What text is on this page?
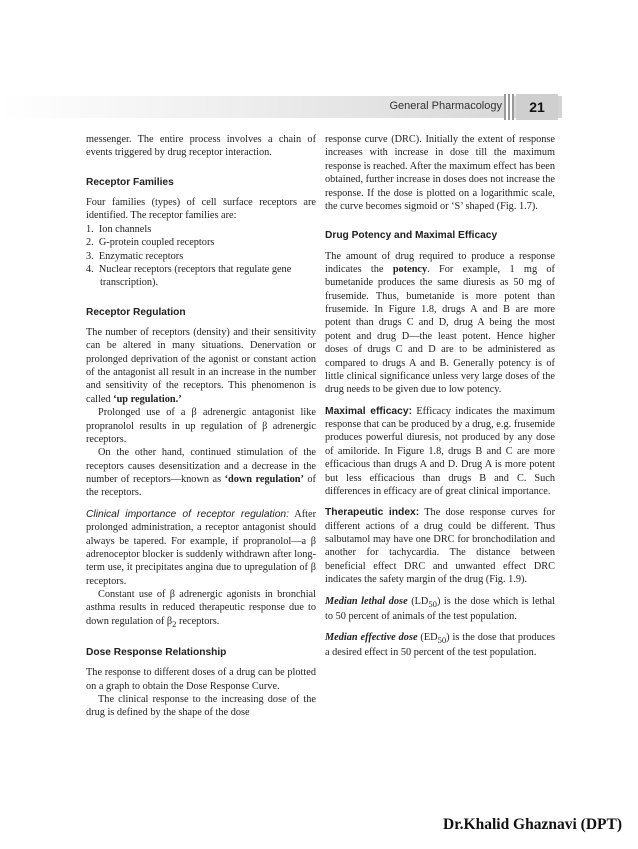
General Pharmacology	21

messenger. The entire process involves a chain of events triggered by drug receptor interaction.

Receptor Families

Four families (types) of cell surface receptors are identified. The receptor families are:

1.  Ion channels
2.  G-protein coupled receptors
3.  Enzymatic receptors
4.  Nuclear receptors (receptors that regulate gene transcription).
Receptor Regulation

The number of receptors (density) and their sensitivity can be altered in many situations. Denervation or prolonged deprivation of the agonist or constant action of the antagonist all result in an increase in the number and sensitivity of the receptors. This phenomenon is called ‘up regulation.’

Prolonged use of a β adrenergic antagonist like propranolol results in up regulation of β adrenergic receptors.

On the other hand, continued stimulation of the receptors causes desensitization and a decrease in the number of receptors—known as ‘down regulation’ of the receptors.

Clinical importance of receptor regulation: After prolonged administration, a receptor antagonist should always be tapered. For example, if propranolol—a β adrenoceptor blocker is suddenly withdrawn after long-term use, it precipitates angina due to upregulation of β receptors.

Constant use of β adrenergic agonists in bronchial asthma results in reduced therapeutic response due to down regulation of $\beta_2$ receptors.

Dose Response Relationship

The response to different doses of a drug can be plotted on a graph to obtain the Dose Response Curve.

The clinical response to the increasing dose of the drug is defined by the shape of the dose

response curve (DRC). Initially the extent of response increases with increase in dose till the maximum response is reached. After the maximum effect has been obtained, further increase in doses does not increase the response. If the dose is plotted on a logarithmic scale, the curve becomes sigmoid or ‘S’ shaped (Fig. 1.7).

Drug Potency and Maximal Efficacy

The amount of drug required to produce a response indicates the potency. For example, 1 mg of bumetanide produces the same diuresis as 50 mg of frusemide. Thus, bumetanide is more potent than frusemide. In Figure 1.8, drugs A and B are more potent than drugs C and D, drug A being the most potent and drug D—the least potent. Hence higher doses of drugs C and D are to be administered as compared to drugs A and B. Generally potency is of little clinical significance unless very large doses of the drug needs to be given due to low potency.

Maximal efficacy: Efficacy indicates the maximum response that can be produced by a drug, e.g. frusemide produces powerful diuresis, not produced by any dose of amiloride. In Figure 1.8, drugs B and C are more efficacious than drugs A and D. Drug A is more potent but less efficacious than drugs B and C. Such differences in efficacy are of great clinical importance.

Therapeutic index: The dose response curves for different actions of a drug could be different. Thus salbutamol may have one DRC for bronchodilation and another for tachycardia. The distance between beneficial effect DRC and unwanted effect DRC indicates the safety margin of the drug (Fig. 1.9).

Median lethal dose $(LD_{50})$ is the dose which is lethal to 50 percent of animals of the test population.

Median effective dose $(ED_{50})$ is the dose that produces a desired effect in 50 percent of the test population.

Dr.Khalid Ghaznavi (DPT)
